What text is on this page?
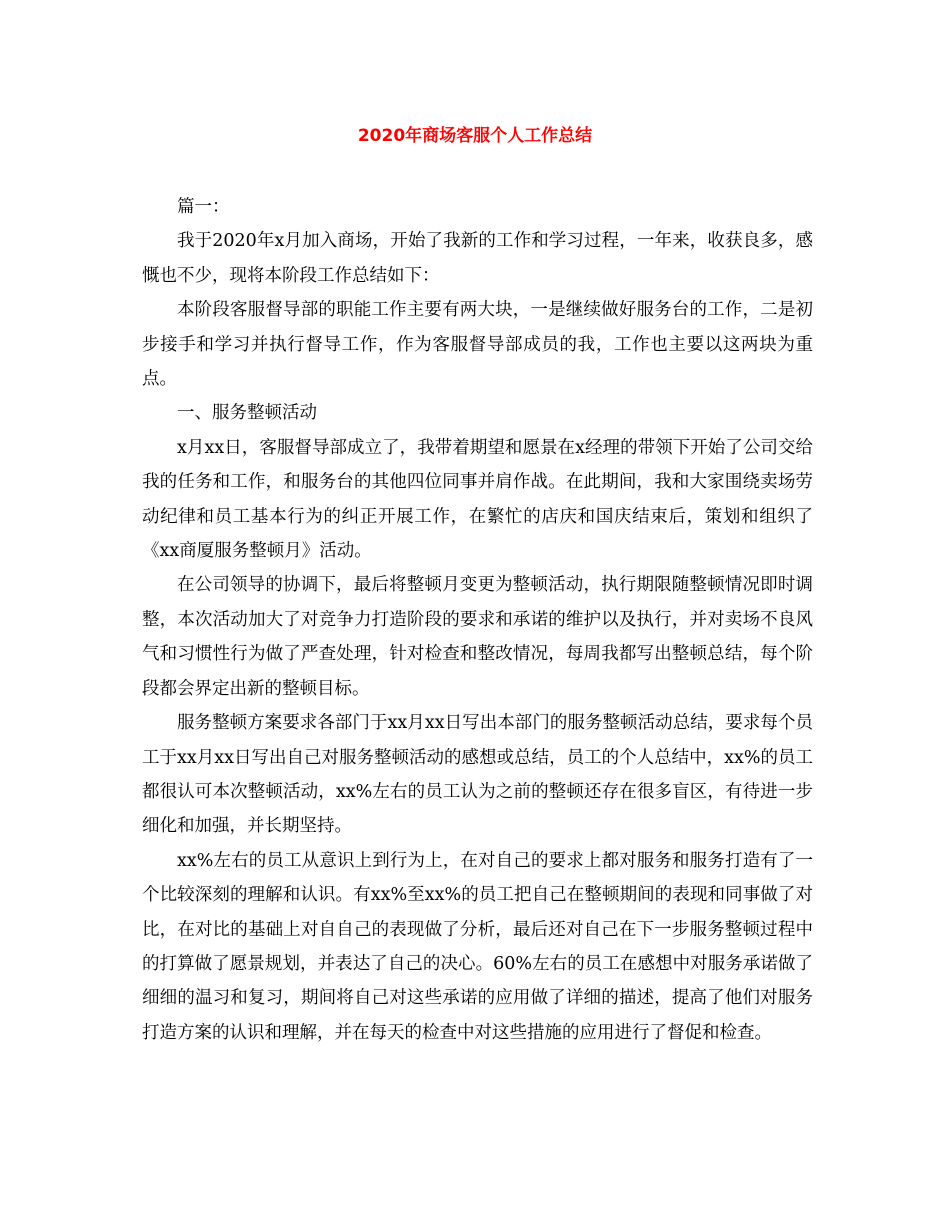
2020年商场客服个人工作总结

篇一：

我于2020年x月加入商场，开始了我新的工作和学习过程，一年来，收获良多，感慨也不少，现将本阶段工作总结如下：

本阶段客服督导部的职能工作主要有两大块，一是继续做好服务台的工作，二是初步接手和学习并执行督导工作，作为客服督导部成员的我，工作也主要以这两块为重点。

一、服务整顿活动

x月xx日，客服督导部成立了，我带着期望和愿景在x经理的带领下开始了公司交给我的任务和工作，和服务台的其他四位同事并肩作战。在此期间，我和大家围绕卖场劳动纪律和员工基本行为的纠正开展工作，在繁忙的店庆和国庆结束后，策划和组织了《xx商厦服务整顿月》活动。

在公司领导的协调下，最后将整顿月变更为整顿活动，执行期限随整顿情况即时调整，本次活动加大了对竞争力打造阶段的要求和承诺的维护以及执行，并对卖场不良风气和习惯性行为做了严查处理，针对检查和整改情况，每周我都写出整顿总结，每个阶段都会界定出新的整顿目标。

服务整顿方案要求各部门于xx月xx日写出本部门的服务整顿活动总结，要求每个员工于xx月xx日写出自己对服务整顿活动的感想或总结，员工的个人总结中，xx%的员工都很认可本次整顿活动，xx%左右的员工认为之前的整顿还存在很多盲区，有待进一步细化和加强，并长期坚持。

xx%左右的员工从意识上到行为上，在对自己的要求上都对服务和服务打造有了一个比较深刻的理解和认识。有xx%至xx%的员工把自己在整顿期间的表现和同事做了对比，在对比的基础上对自自己的表现做了分析，最后还对自己在下一步服务整顿过程中的打算做了愿景规划，并表达了自己的决心。60%左右的员工在感想中对服务承诺做了细细的温习和复习，期间将自己对这些承诺的应用做了详细的描述，提高了他们对服务打造方案的认识和理解，并在每天的检查中对这些措施的应用进行了督促和检查。
